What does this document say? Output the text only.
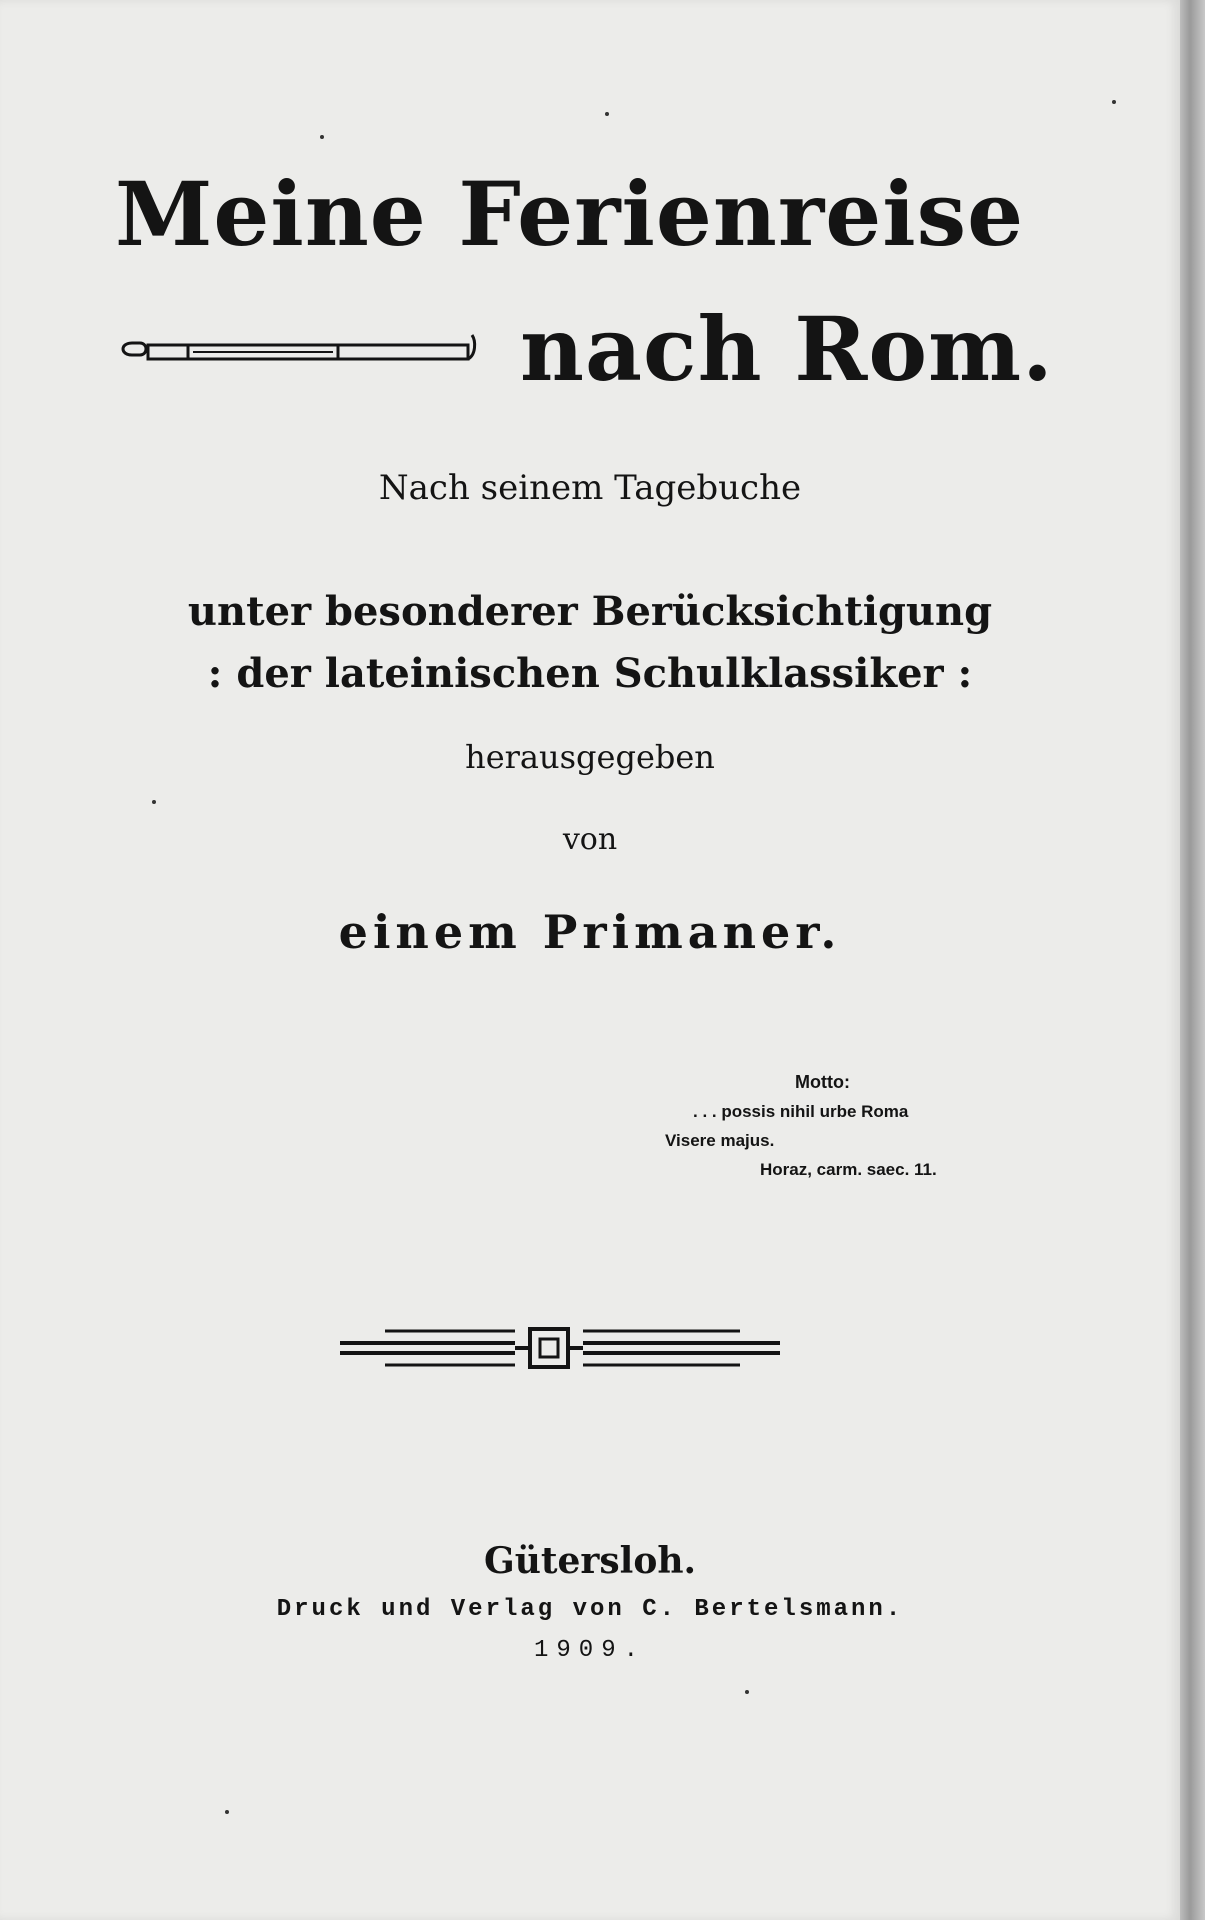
Meine Ferienreise
nach Rom.
Nach seinem Tagebuche
unter besonderer Berücksichtigung
: der lateinischen Schulklassiker :
herausgegeben
von
einem Primaner.
Motto:
. . . possis nihil urbe Roma
Visere majus.
Horaz, carm. saec. 11.
Gütersloh.
Druck und Verlag von C. Bertelsmann.
1909.
